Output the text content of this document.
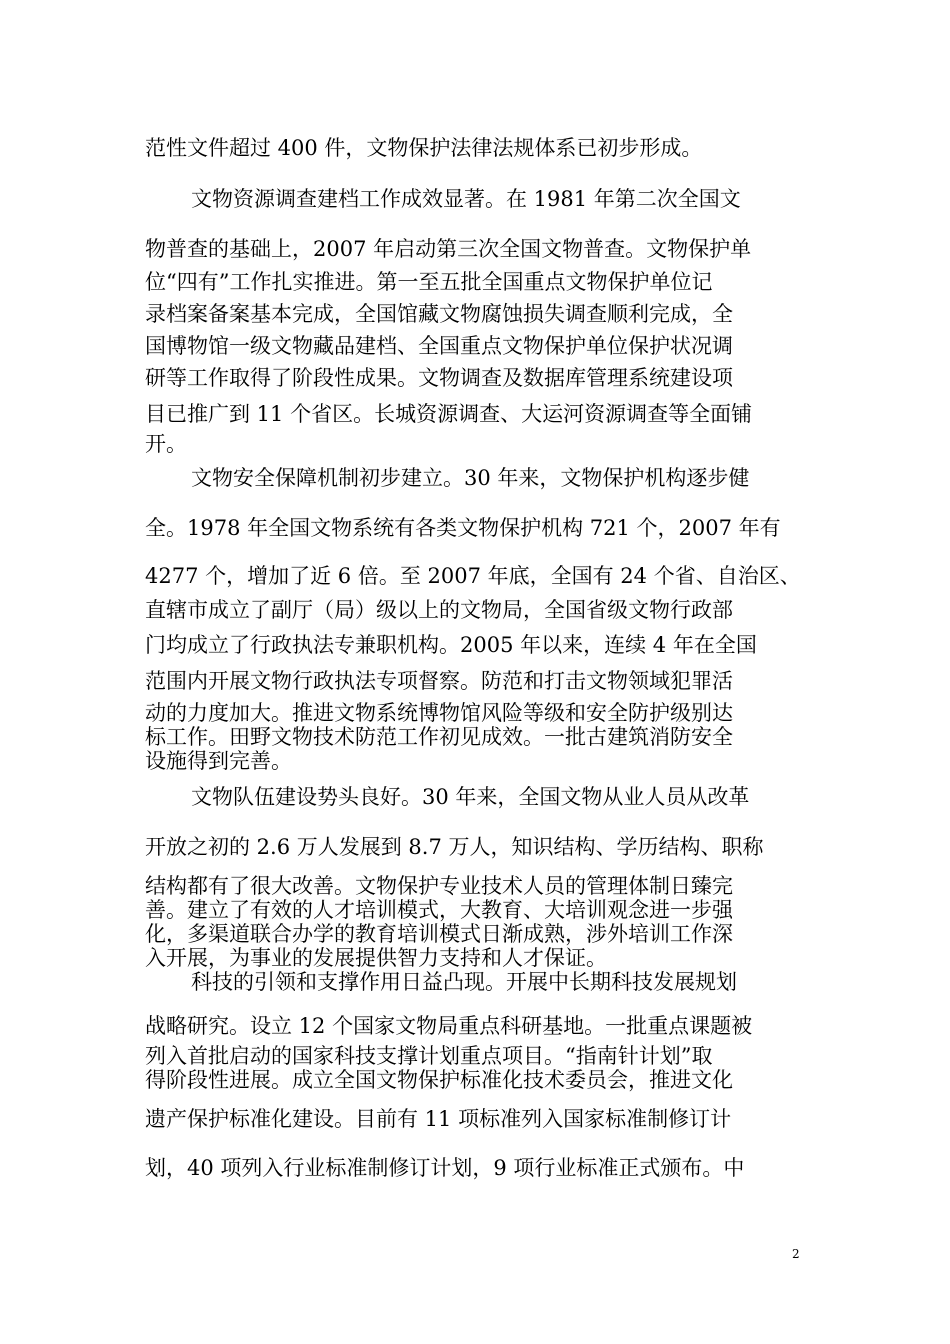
范性文件超过 400 件，文物保护法律法规体系已初步形成。
文物资源调查建档工作成效显著。在 1981 年第二次全国文
物普查的基础上，2007 年启动第三次全国文物普查。文物保护单
位“四有”工作扎实推进。第一至五批全国重点文物保护单位记
录档案备案基本完成，全国馆藏文物腐蚀损失调查顺利完成，全
国博物馆一级文物藏品建档、全国重点文物保护单位保护状况调
研等工作取得了阶段性成果。文物调查及数据库管理系统建设项
目已推广到 11 个省区。长城资源调查、大运河资源调查等全面铺
开。
文物安全保障机制初步建立。30 年来，文物保护机构逐步健
全。1978 年全国文物系统有各类文物保护机构 721 个，2007 年有
4277 个，增加了近 6 倍。至 2007 年底，全国有 24 个省、自治区、
直辖市成立了副厅（局）级以上的文物局，全国省级文物行政部
门均成立了行政执法专兼职机构。2005 年以来，连续 4 年在全国
范围内开展文物行政执法专项督察。防范和打击文物领域犯罪活
动的力度加大。推进文物系统博物馆风险等级和安全防护级别达
标工作。田野文物技术防范工作初见成效。一批古建筑消防安全
设施得到完善。
文物队伍建设势头良好。30 年来，全国文物从业人员从改革
开放之初的 2.6 万人发展到 8.7 万人，知识结构、学历结构、职称
结构都有了很大改善。文物保护专业技术人员的管理体制日臻完
善。建立了有效的人才培训模式，大教育、大培训观念进一步强
化，多渠道联合办学的教育培训模式日渐成熟，涉外培训工作深
入开展，为事业的发展提供智力支持和人才保证。
科技的引领和支撑作用日益凸现。开展中长期科技发展规划
战略研究。设立 12 个国家文物局重点科研基地。一批重点课题被
列入首批启动的国家科技支撑计划重点项目。“指南针计划”取
得阶段性进展。成立全国文物保护标准化技术委员会，推进文化
遗产保护标准化建设。目前有 11 项标准列入国家标准制修订计
划，40 项列入行业标准制修订计划，9 项行业标准正式颁布。中
2
